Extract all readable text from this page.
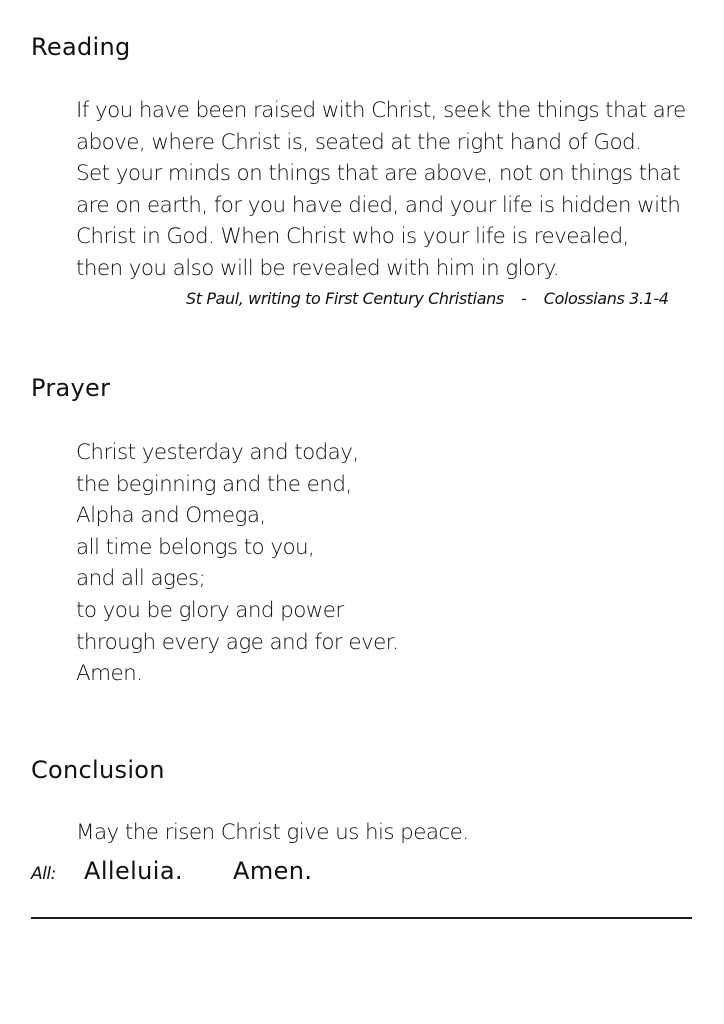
Reading
If you have been raised with Christ, seek the things that are
above, where Christ is, seated at the right hand of God.
Set your minds on things that are above, not on things that
are on earth, for you have died, and your life is hidden with
Christ in God. When Christ who is your life is revealed,
then you also will be revealed with him in glory.
St Paul, writing to First Century Christians - Colossians 3.1-4
Prayer
Christ yesterday and today,
the beginning and the end,
Alpha and Omega,
all time belongs to you,
and all ages;
to you be glory and power
through every age and for ever.
Amen.
Conclusion
May the risen Christ give us his peace.
All: Alleluia. Amen.
